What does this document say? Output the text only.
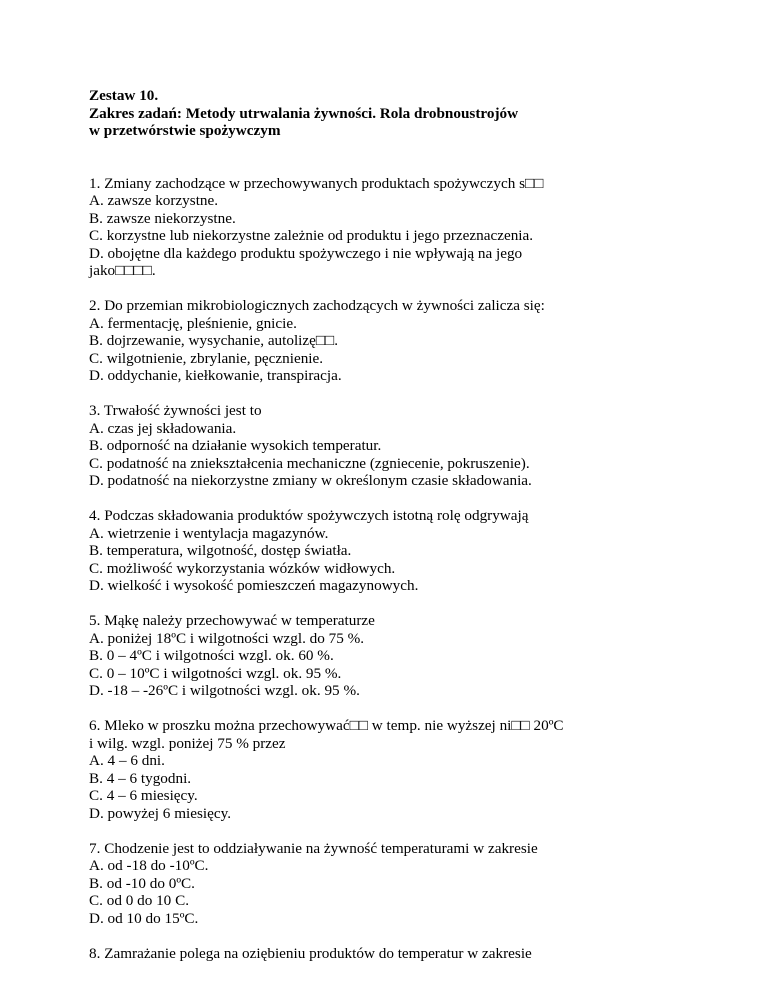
Zestaw 10.
Zakres zadań: Metody utrwalania żywności. Rola drobnoustrojów
w przetwórstwie spożywczym
1. Zmiany zachodzące w przechowywanych produktach spożywczych s□□
A. zawsze korzystne.
B. zawsze niekorzystne.
C. korzystne lub niekorzystne zależnie od produktu i jego przeznaczenia.
D. obojętne dla każdego produktu spożywczego i nie wpływają na jego
jako□□□□.
2. Do przemian mikrobiologicznych zachodzących w żywności zalicza się:
A. fermentację, pleśnienie, gnicie.
B. dojrzewanie, wysychanie, autolizę□□.
C. wilgotnienie, zbrylanie, pęcznienie.
D. oddychanie, kiełkowanie, transpiracja.
3. Trwałość żywności jest to
A. czas jej składowania.
B. odporność na działanie wysokich temperatur.
C. podatność na zniekształcenia mechaniczne (zgniecenie, pokruszenie).
D. podatność na niekorzystne zmiany w określonym czasie składowania.
4. Podczas składowania produktów spożywczych istotną rolę odgrywają
A. wietrzenie i wentylacja magazynów.
B. temperatura, wilgotność, dostęp światła.
C. możliwość wykorzystania wózków widłowych.
D. wielkość i wysokość pomieszczeń magazynowych.
5. Mąkę należy przechowywać w temperaturze
A. poniżej 18ºC i wilgotności wzgl. do 75 %.
B. 0 – 4ºC i wilgotności wzgl. ok. 60 %.
C. 0 – 10ºC i wilgotności wzgl. ok. 95 %.
D. -18 – -26ºC i wilgotności wzgl. ok. 95 %.
6. Mleko w proszku można przechowywać□□ w temp. nie wyższej ni□□ 20ºC
i wilg. wzgl. poniżej 75 % przez
A. 4 – 6 dni.
B. 4 – 6 tygodni.
C. 4 – 6 miesięcy.
D. powyżej 6 miesięcy.
7. Chodzenie jest to oddziaływanie na żywność temperaturami w zakresie
A. od -18 do -10ºC.
B. od -10 do 0ºC.
C. od 0 do 10 C.
D. od 10 do 15ºC.
8. Zamrażanie polega na oziębieniu produktów do temperatur w zakresie
